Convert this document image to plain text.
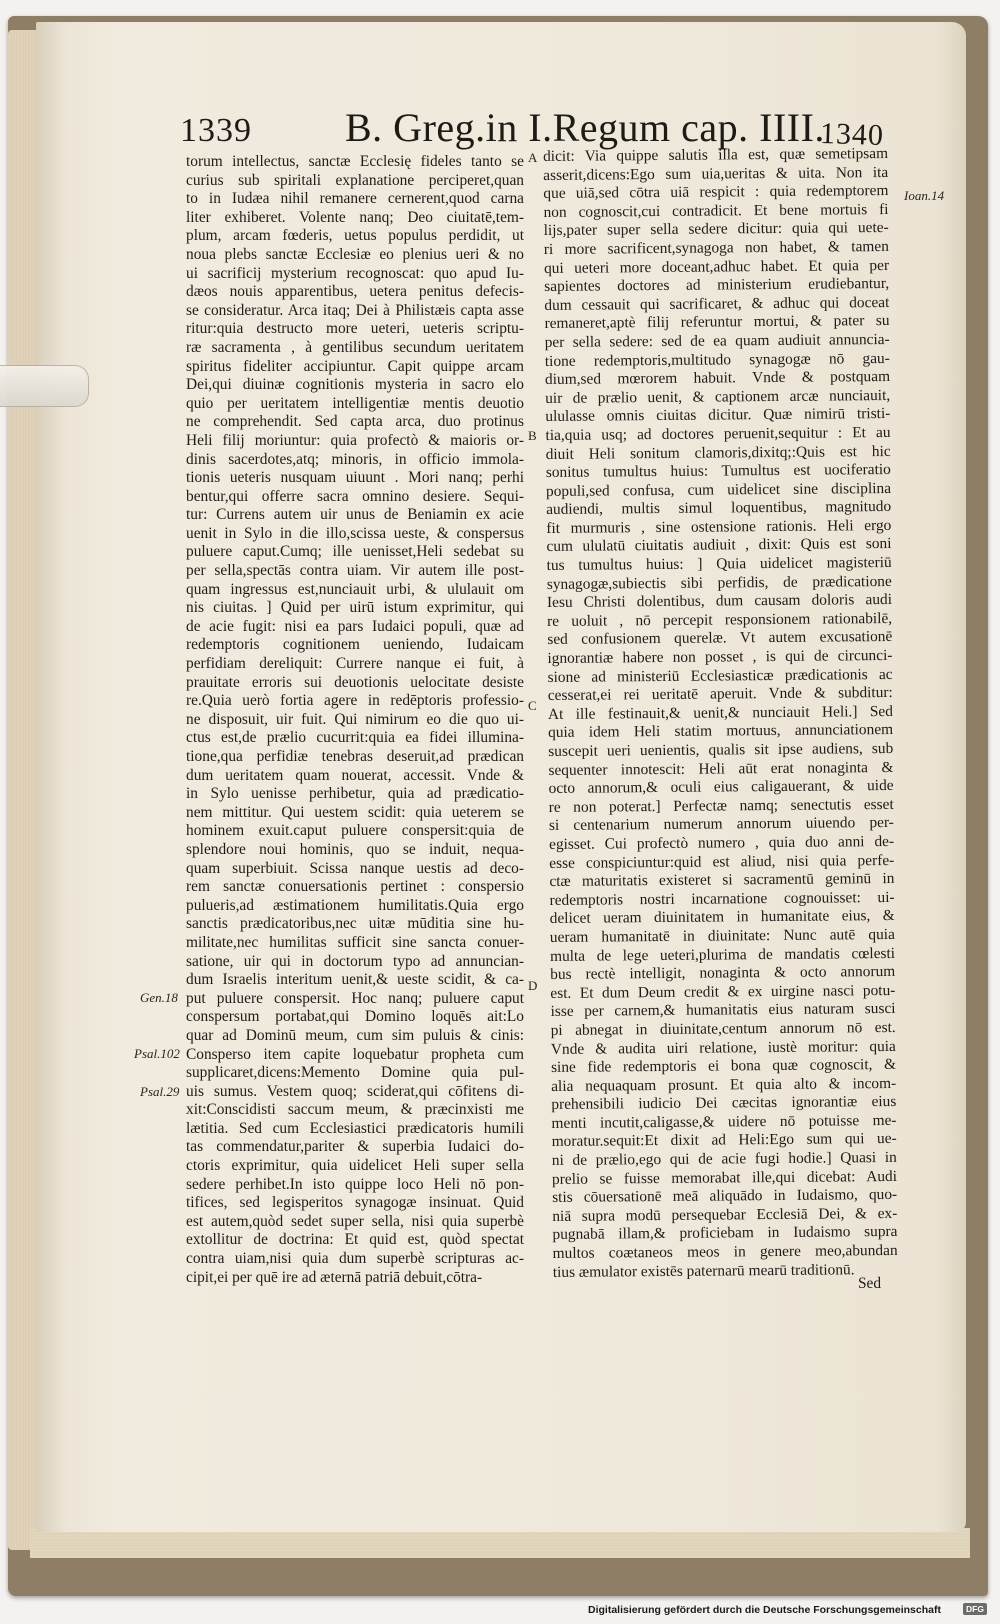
1339 B. Greg.in I.Regum cap. IIII.
1340
torum intellectus, sanctæ Ecclesię fideles tanto se
curius sub spiritali explanatione perciperet,quan
to in Iudæa nihil remanere cernerent,quod carna
liter exhiberet. Volente nanq; Deo ciuitatē,tem-
plum, arcam fœderis, uetus populus perdidit, ut
noua plebs sanctæ Ecclesiæ eo plenius ueri & no
ui sacrificij mysterium recognoscat: quo apud Iu-
dæos nouis apparentibus, uetera penitus defecis-
se consideratur. Arca itaq; Dei à Philistæis capta asse
ritur:quia destructo more ueteri, ueteris scriptu-
ræ sacramenta , à gentilibus secundum ueritatem
spiritus fideliter accipiuntur. Capit quippe arcam
Dei,qui diuinæ cognitionis mysteria in sacro elo
quio per ueritatem intelligentiæ mentis deuotio
ne comprehendit. Sed capta arca, duo protinus
Heli filij moriuntur: quia profectò & maioris or-
dinis sacerdotes,atq; minoris, in officio immola-
tionis ueteris nusquam uiuunt . Mori nanq; perhi
bentur,qui offerre sacra omnino desiere. Sequi-
tur: Currens autem uir unus de Beniamin ex acie
uenit in Sylo in die illo,scissa ueste, & conspersus
puluere caput.Cumq; ille uenisset,Heli sedebat su
per sella,spectās contra uiam. Vir autem ille post-
quam ingressus est,nunciauit urbi, & ululauit om
nis ciuitas. ] Quid per uirū istum exprimitur, qui
de acie fugit: nisi ea pars Iudaici populi, quæ ad
redemptoris cognitionem ueniendo, Iudaicam
perfidiam dereliquit: Currere nanque ei fuit, à
prauitate erroris sui deuotionis uelocitate desiste
re.Quia uerò fortia agere in redēptoris professio-
ne disposuit, uir fuit. Qui nimirum eo die quo ui-
ctus est,de prælio cucurrit:quia ea fidei illumina-
tione,qua perfidiæ tenebras deseruit,ad prædican
dum ueritatem quam nouerat, accessit. Vnde &
in Sylo uenisse perhibetur, quia ad prædicatio-
nem mittitur. Qui uestem scidit: quia ueterem se
hominem exuit.caput puluere conspersit:quia de
splendore noui hominis, quo se induit, nequa-
quam superbiuit. Scissa nanque uestis ad deco-
rem sanctæ conuersationis pertinet : conspersio
pulueris,ad æstimationem humilitatis.Quia ergo
sanctis prædicatoribus,nec uitæ mūditia sine hu-
militate,nec humilitas sufficit sine sancta conuer-
satione, uir qui in doctorum typo ad annuncian-
dum Israelis interitum uenit,& ueste scidit, & ca-
put puluere conspersit. Hoc nanq; puluere caput
conspersum portabat,qui Domino loquēs ait:Lo
quar ad Dominū meum, cum sim puluis & cinis:
Consperso item capite loquebatur propheta cum
supplicaret,dicens:Memento Domine quia pul-
uis sumus. Vestem quoq; sciderat,qui cōfitens di-
xit:Conscidisti saccum meum, & præcinxisti me
lætitia. Sed cum Ecclesiastici prædicatoris humili
tas commendatur,pariter & superbia Iudaici do-
ctoris exprimitur, quia uidelicet Heli super sella
sedere perhibet.In isto quippe loco Heli nō pon-
tifices, sed legisperitos synagogæ insinuat. Quid
est autem,quòd sedet super sella, nisi quia superbè
extollitur de doctrina: Et quid est, quòd spectat
contra uiam,nisi quia dum superbè scripturas ac-
cipit,ei per quē ire ad æternā patriā debuit,cōtra-
dicit: Via quippe salutis illa est, quæ semetipsam
asserit,dicens:Ego sum uia,ueritas & uita. Non ita
que uiā,sed cōtra uiā respicit : quia redemptorem
non cognoscit,cui contradicit. Et bene mortuis fi
lijs,pater super sella sedere dicitur: quia qui uete-
ri more sacrificent,synagoga non habet, & tamen
qui ueteri more doceant,adhuc habet. Et quia per
sapientes doctores ad ministerium erudiebantur,
dum cessauit qui sacrificaret, & adhuc qui doceat
remaneret,aptè filij referuntur mortui, & pater su
per sella sedere: sed de ea quam audiuit annuncia-
tione redemptoris,multitudo synagogæ nō gau-
dium,sed mœrorem habuit. Vnde & postquam
uir de prælio uenit, & captionem arcæ nunciauit,
ululasse omnis ciuitas dicitur. Quæ nimirū tristi-
tia,quia usq; ad doctores peruenit,sequitur : Et au
diuit Heli sonitum clamoris,dixitq;:Quis est hic
sonitus tumultus huius: Tumultus est uociferatio
populi,sed confusa, cum uidelicet sine disciplina
audiendi, multis simul loquentibus, magnitudo
fit murmuris , sine ostensione rationis. Heli ergo
cum ululatū ciuitatis audiuit , dixit: Quis est soni
tus tumultus huius: ] Quia uidelicet magisteriū
synagogæ,subiectis sibi perfidis, de prædicatione
Iesu Christi dolentibus, dum causam doloris audi
re uoluit , nō percepit responsionem rationabilē,
sed confusionem querelæ. Vt autem excusationē
ignorantiæ habere non posset , is qui de circunci-
sione ad ministeriū Ecclesiasticæ prædicationis ac
cesserat,ei rei ueritatē aperuit. Vnde & subditur:
At ille festinauit,& uenit,& nunciauit Heli.] Sed
quia idem Heli statim mortuus, annunciationem
suscepit ueri uenientis, qualis sit ipse audiens, sub
sequenter innotescit: Heli aūt erat nonaginta &
octo annorum,& oculi eius caligauerant, & uide
re non poterat.] Perfectæ namq; senectutis esset
si centenarium numerum annorum uiuendo per-
egisset. Cui profectò numero , quia duo anni de-
esse conspiciuntur:quid est aliud, nisi quia perfe-
ctæ maturitatis existeret si sacramentū geminū in
redemptoris nostri incarnatione cognouisset: ui-
delicet ueram diuinitatem in humanitate eius, &
ueram humanitatē in diuinitate: Nunc autē quia
multa de lege ueteri,plurima de mandatis cœlesti
bus rectè intelligit, nonaginta & octo annorum
est. Et dum Deum credit & ex uirgine nasci potu-
isse per carnem,& humanitatis eius naturam susci
pi abnegat in diuinitate,centum annorum nō est.
Vnde & audita uiri relatione, iustè moritur: quia
sine fide redemptoris ei bona quæ cognoscit, &
alia nequaquam prosunt. Et quia alto & incom-
prehensibili iudicio Dei cæcitas ignorantiæ eius
menti incutit,caligasse,& uidere nō potuisse me-
moratur.sequit:Et dixit ad Heli:Ego sum qui ue-
ni de prælio,ego qui de acie fugi hodie.] Quasi in
prelio se fuisse memorabat ille,qui dicebat: Audi
stis cōuersationē meā aliquādo in Iudaismo, quo-
niā supra modū persequebar Ecclesiā Dei, & ex-
pugnabā illam,& proficiebam in Iudaismo supra
multos coætaneos meos in genere meo,abundan
tius æmulator existēs paternarū mearū traditionū.
A
B
C
D
Ioan.14
Gen.18
Psal.102
Psal.29
Sed
Digitalisierung gefördert durch die Deutsche Forschungsgemeinschaft	DFG
